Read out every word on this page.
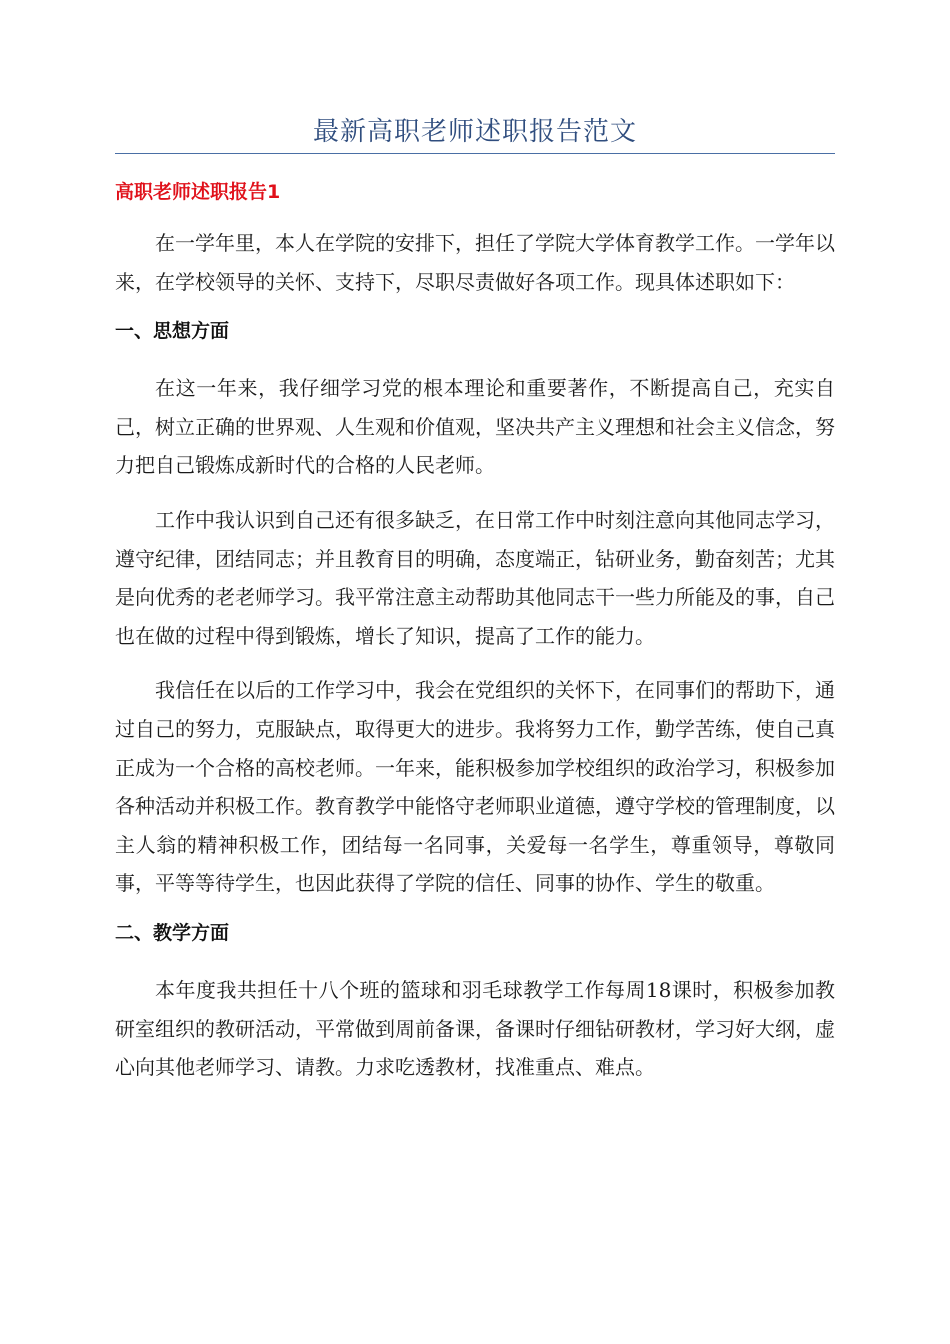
最新高职老师述职报告范文
高职老师述职报告1

在一学年里，本人在学院的安排下，担任了学院大学体育教学工作。一学年以来，在学校领导的关怀、支持下，尽职尽责做好各项工作。现具体述职如下：

一、思想方面

在这一年来，我仔细学习党的根本理论和重要著作，不断提高自己，充实自己，树立正确的世界观、人生观和价值观，坚决共产主义理想和社会主义信念，努力把自己锻炼成新时代的合格的人民老师。

工作中我认识到自己还有很多缺乏，在日常工作中时刻注意向其他同志学习，遵守纪律，团结同志；并且教育目的明确，态度端正，钻研业务，勤奋刻苦；尤其是向优秀的老老师学习。我平常注意主动帮助其他同志干一些力所能及的事，自己也在做的过程中得到锻炼，增长了知识，提高了工作的能力。

我信任在以后的工作学习中，我会在党组织的关怀下，在同事们的帮助下，通过自己的努力，克服缺点，取得更大的进步。我将努力工作，勤学苦练，使自己真正成为一个合格的高校老师。一年来，能积极参加学校组织的政治学习，积极参加各种活动并积极工作。教育教学中能恪守老师职业道德，遵守学校的管理制度，以主人翁的精神积极工作，团结每一名同事，关爱每一名学生，尊重领导，尊敬同事，平等等待学生，也因此获得了学院的信任、同事的协作、学生的敬重。

二、教学方面

本年度我共担任十八个班的篮球和羽毛球教学工作每周18课时，积极参加教研室组织的教研活动，平常做到周前备课，备课时仔细钻研教材，学习好大纲，虚心向其他老师学习、请教。力求吃透教材，找准重点、难点。
